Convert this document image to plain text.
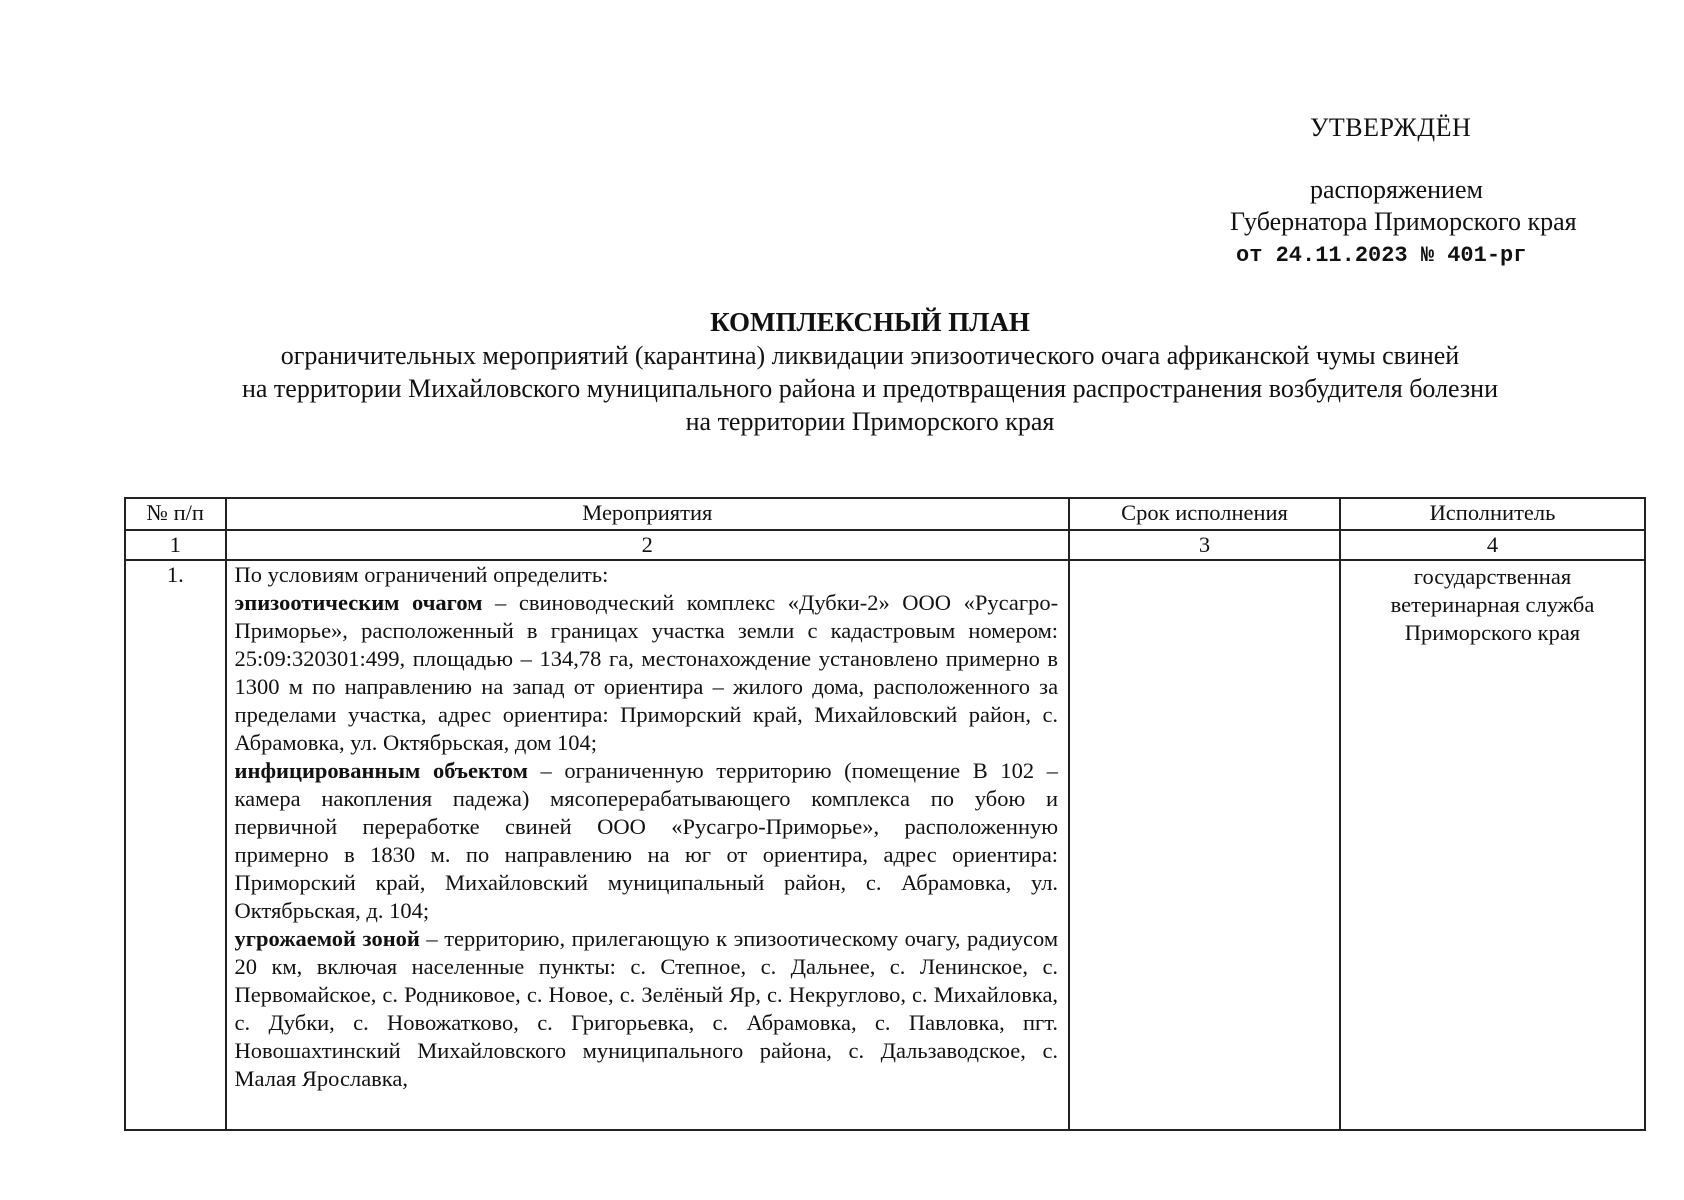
УТВЕРЖДЁН
распоряжением
Губернатора Приморского края
от 24.11.2023 № 401-рг
КОМПЛЕКСНЫЙ ПЛАН
ограничительных мероприятий (карантина) ликвидации эпизоотического очага африканской чумы свиней
на территории Михайловского муниципального района и предотвращения распространения возбудителя болезни
на территории Приморского края
№ п/п	Мероприятия	Срок исполнения	Исполнитель
1	2	3	4
1.	По условиям ограничений определить:

эпизоотическим очагом – свиноводческий комплекс «Дубки-2» ООО «Русагро-Приморье», расположенный в границах участка земли с кадастровым номером: 25:09:320301:499, площадью – 134,78 га, местонахождение установлено примерно в 1300 м по направлению на запад от ориентира – жилого дома, расположенного за пределами участка, адрес ориентира: Приморский край, Михайловский район, с. Абрамовка, ул. Октябрьская, дом 104;

инфицированным объектом – ограниченную территорию (помещение В 102 – камера накопления падежа) мясоперерабатывающего комплекса по убою и первичной переработке свиней ООО «Русагро-Приморье», расположенную примерно в 1830 м. по направлению на юг от ориентира, адрес ориентира: Приморский край, Михайловский муниципальный район, с. Абрамовка, ул. Октябрьская, д. 104;

угрожаемой зоной – территорию, прилегающую к эпизоотическому очагу, радиусом 20 км, включая населенные пункты: с. Степное, с. Дальнее, с. Ленинское, с. Первомайское, с. Родниковое, с. Новое, с. Зелёный Яр, с. Некруглово, с. Михайловка, с. Дубки, с. Новожатково, с. Григорьевка, с. Абрамовка, с. Павловка, пгт. Новошахтинский Михайловского муниципального района, с. Дальзаводское, с. Малая Ярославка,		государственная ветеринарная служба Приморского края
